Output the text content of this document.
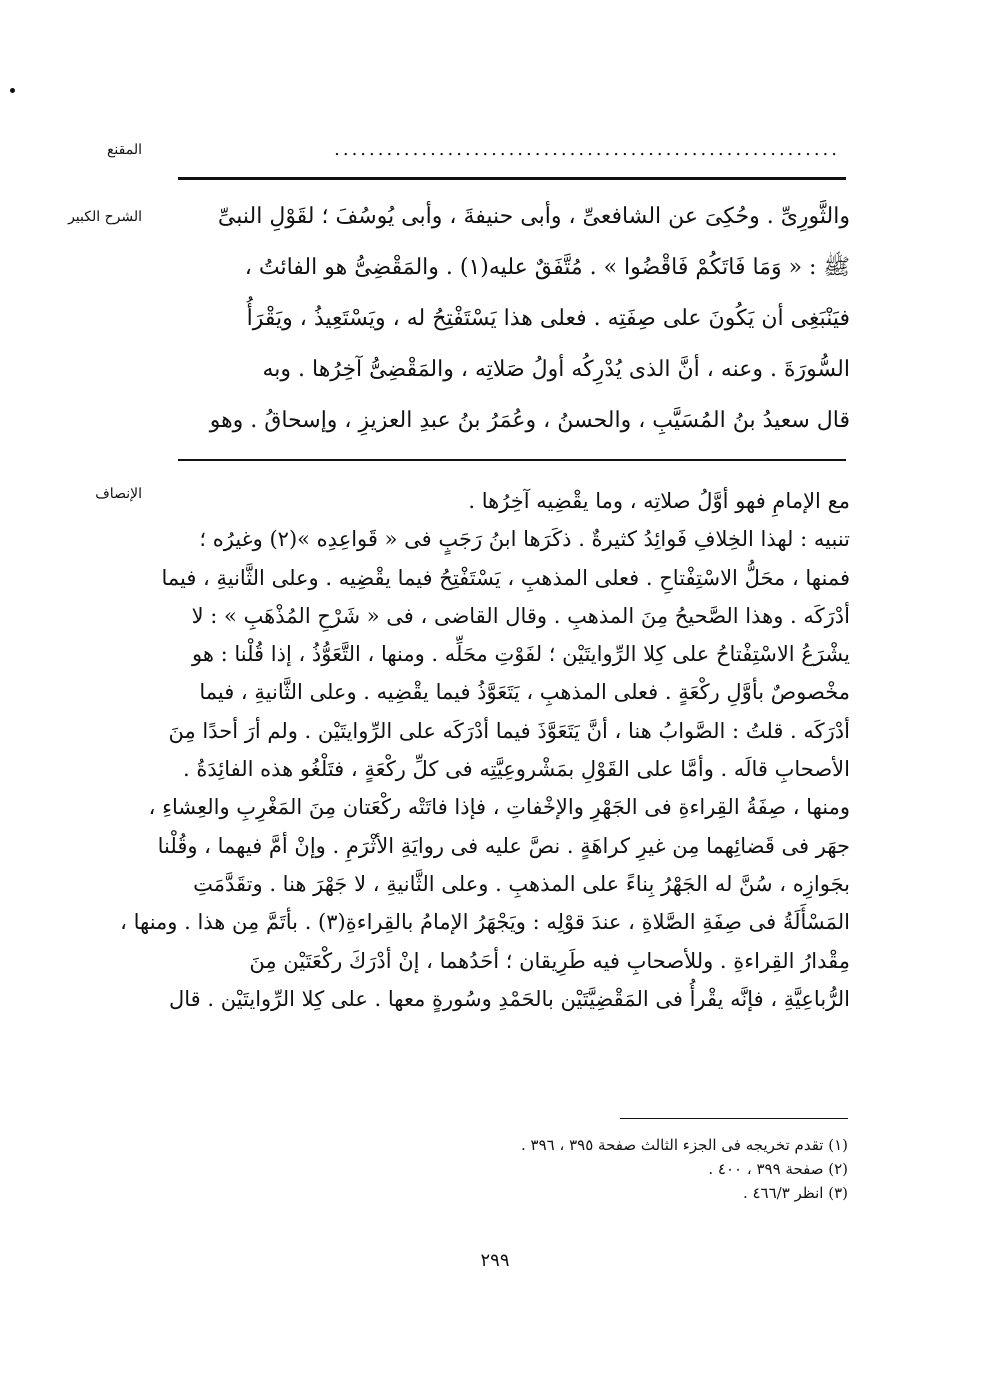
المقنع	..........................................................
الشرح الكبير	والثَّورِىِّ . وحُكِىَ عن الشافعىِّ ، وأبى حنيفةَ ، وأبى يُوسُفَ ؛ لقَوْلِ النبىِّ

ﷺ : « وَمَا فَاتَكُمْ فَاقْضُوا » . مُتَّفَقٌ عليه(١) . والمَقْضِىُّ هو الفائتُ ،

فيَنْبَغِى أن يَكُونَ على صِفَتِه . فعلى هذا يَسْتَفْتِحُ له ، ويَسْتَعِيذُ ، ويَقْرَأُ

السُّورَةَ . وعنه ، أنَّ الذى يُدْرِكُه أولُ صَلاتِه ، والمَقْضِىُّ آخِرُها . وبه

قال سعيدُ بنُ المُسَيَّبِ ، والحسنُ ، وعُمَرُ بنُ عبدِ العزيزِ ، وإسحاقُ . وهو

الإنصاف	مع الإمامِ فهو أوَّلُ صلاتِه ، وما يقْضِيه آخِرُها .

تنبيه : لهذا الخِلافِ فَوائِدُ كثيرةٌ . ذكَرَها ابنُ رَجَبٍ فى « قَواعِدِه »(٢) وغيرُه ؛

فمنها ، محَلُّ الاسْتِفْتاحِ . فعلى المذهبِ ، يَسْتَفْتِحُ فيما يقْضِيه . وعلى الثَّانيةِ ، فيما

أدْرَكَه . وهذا الصَّحيحُ مِنَ المذهبِ . وقال القاضى ، فى « شَرْحِ المُذْهَبِ » : لا

يشْرَعُ الاسْتِفْتاحُ على كِلا الرِّوايتَيْن ؛ لفَوْتِ محَلِّه . ومنها ، التَّعَوُّذُ ، إذا قُلْنا : هو

مخْصوصٌ بأوَّلِ ركْعَةٍ . فعلى المذهبِ ، يَتَعَوَّذُ فيما يقْضِيه . وعلى الثَّانيةِ ، فيما

أدْرَكَه . قلتُ : الصَّوابُ هنا ، أنَّ يَتَعَوَّذَ فيما أدْرَكَه على الرِّوايتَيْن . ولم أرَ أحدًا مِنَ

الأصحابِ قالَه . وأمَّا على القَوْلِ بمَشْروعِيَّتِه فى كلِّ ركْعَةٍ ، فتَلْغُو هذه الفائِدَةُ .

ومنها ، صِفَةُ القِراءةِ فى الجَهْرِ والإخْفاتِ ، فإذا فاتَتْه ركْعَتان مِنَ المَغْرِبِ والعِشاءِ ،

جهَر فى قَضائِهما مِن غيرِ كراهَةٍ . نصَّ عليه فى روايَةِ الأثْرَمِ . وإنْ أمَّ فيهما ، وقُلْنا

بجَوازِه ، سُنَّ له الجَهْرُ بِناءً على المذهبِ . وعلى الثَّانيةِ ، لا جَهْرَ هنا . وتقَدَّمَتِ

المَسْأَلَةُ فى صِفَةِ الصَّلاةِ ، عندَ قوْلِه : ويَجْهَرُ الإمامُ بالقِراءةِ(٣) . بأتَمَّ مِن هذا . ومنها ،

مِقْدارُ القِراءةِ . وللأصحابِ فيه طَرِيقان ؛ أحَدُهما ، إنْ أدْرَكَ ركْعَتَيْن مِنَ

الرُّباعِيَّةِ ، فإنَّه يقْرأُ فى المَقْضِيَّتَيْن بالحَمْدِ وسُورةٍ معها . على كِلا الرِّوايتَيْن . قال

(١) تقدم تخريجه فى الجزء الثالث صفحة ٣٩٥ ، ٣٩٦ .

(٢) صفحة ٣٩٩ ، ٤٠٠ .

(٣) انظر ٤٦٦/٣ .

٢٩٩
